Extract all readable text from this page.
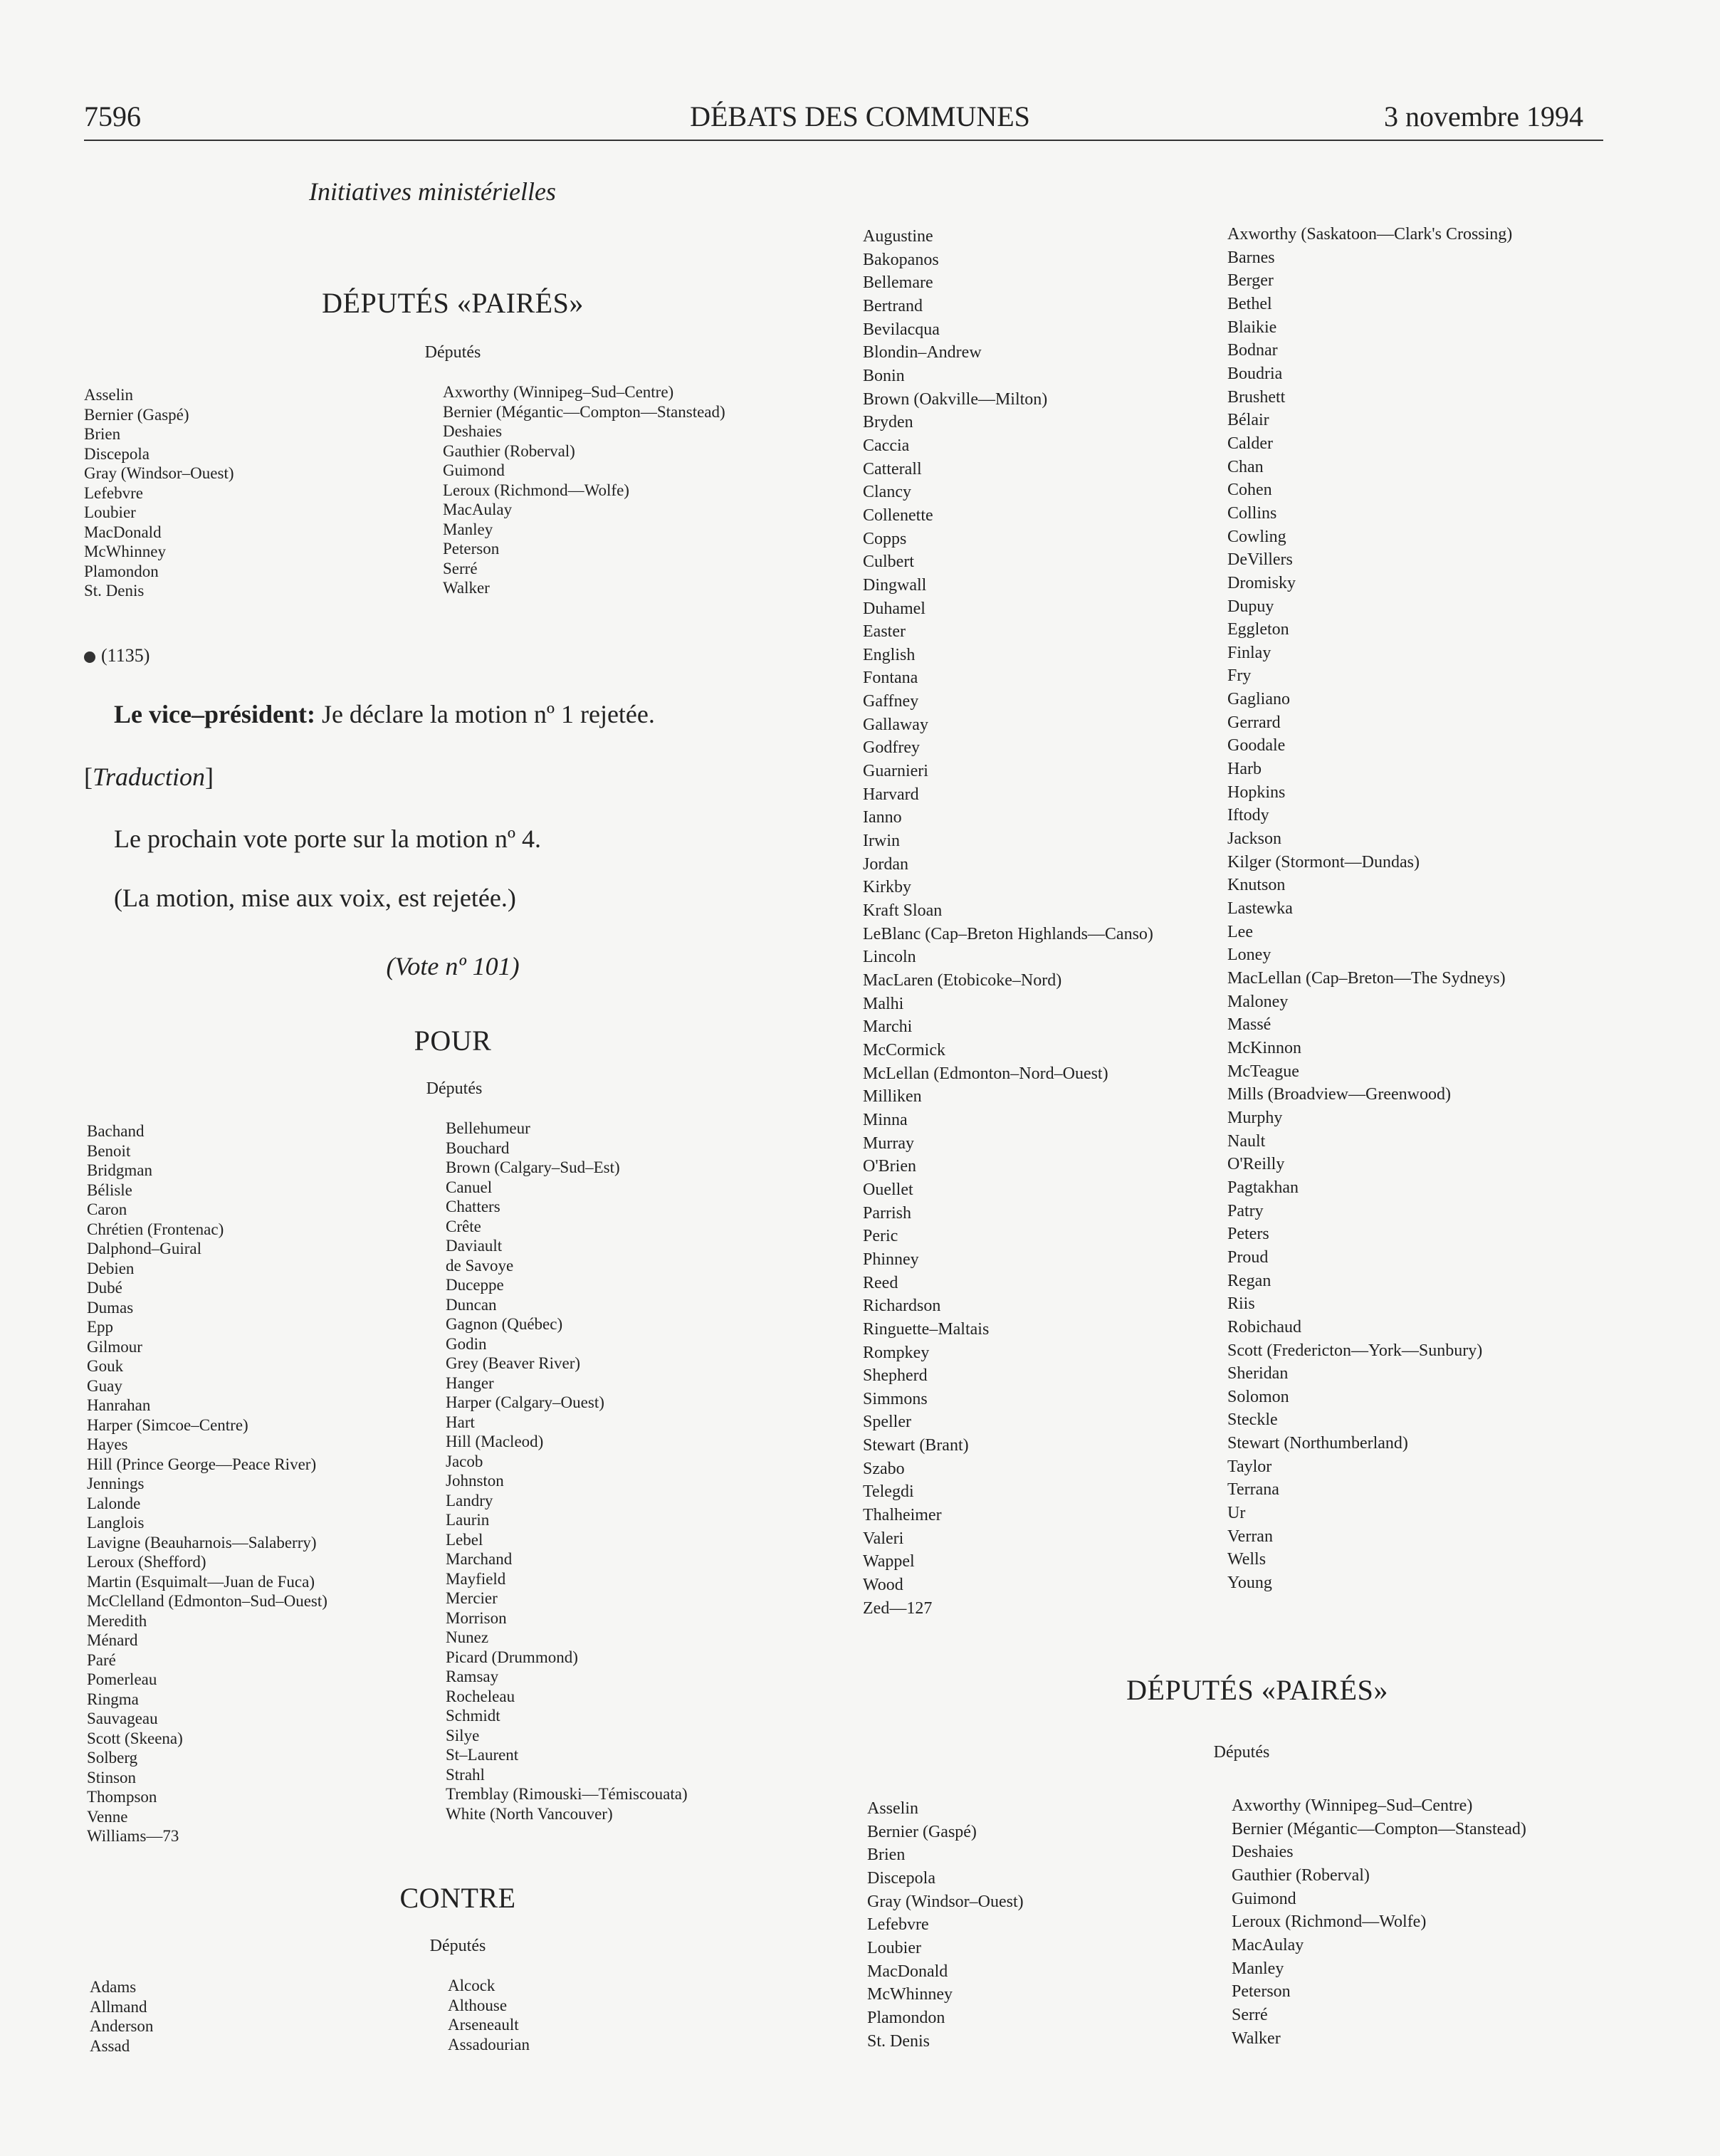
7596	DÉBATS DES COMMUNES	3 novembre 1994
Initiatives ministérielles
DÉPUTÉS «PAIRÉS»
Députés
Asselin
Bernier (Gaspé)
Brien
Discepola
Gray (Windsor–Ouest)
Lefebvre
Loubier
MacDonald
McWhinney
Plamondon
St. Denis
Axworthy (Winnipeg–Sud–Centre)
Bernier (Mégantic—Compton—Stanstead)
Deshaies
Gauthier (Roberval)
Guimond
Leroux (Richmond—Wolfe)
MacAulay
Manley
Peterson
Serré
Walker
(1135)
Le vice–président: Je déclare la motion nº 1 rejetée.
[Traduction]
Le prochain vote porte sur la motion nº 4.
(La motion, mise aux voix, est rejetée.)
(Vote nº 101)
POUR
Députés
Bachand
Benoit
Bridgman
Bélisle
Caron
Chrétien (Frontenac)
Dalphond–Guiral
Debien
Dubé
Dumas
Epp
Gilmour
Gouk
Guay
Hanrahan
Harper (Simcoe–Centre)
Hayes
Hill (Prince George—Peace River)
Jennings
Lalonde
Langlois
Lavigne (Beauharnois—Salaberry)
Leroux (Shefford)
Martin (Esquimalt—Juan de Fuca)
McClelland (Edmonton–Sud–Ouest)
Meredith
Ménard
Paré
Pomerleau
Ringma
Sauvageau
Scott (Skeena)
Solberg
Stinson
Thompson
Venne
Williams—73
Bellehumeur
Bouchard
Brown (Calgary–Sud–Est)
Canuel
Chatters
Crête
Daviault
de Savoye
Duceppe
Duncan
Gagnon (Québec)
Godin
Grey (Beaver River)
Hanger
Harper (Calgary–Ouest)
Hart
Hill (Macleod)
Jacob
Johnston
Landry
Laurin
Lebel
Marchand
Mayfield
Mercier
Morrison
Nunez
Picard (Drummond)
Ramsay
Rocheleau
Schmidt
Silye
St–Laurent
Strahl
Tremblay (Rimouski—Témiscouata)
White (North Vancouver)
CONTRE
Députés
Adams
Allmand
Anderson
Assad
Alcock
Althouse
Arseneault
Assadourian
Augustine
Bakopanos
Bellemare
Bertrand
Bevilacqua
Blondin–Andrew
Bonin
Brown (Oakville—Milton)
Bryden
Caccia
Catterall
Clancy
Collenette
Copps
Culbert
Dingwall
Duhamel
Easter
English
Fontana
Gaffney
Gallaway
Godfrey
Guarnieri
Harvard
Ianno
Irwin
Jordan
Kirkby
Kraft Sloan
LeBlanc (Cap–Breton Highlands—Canso)
Lincoln
MacLaren (Etobicoke–Nord)
Malhi
Marchi
McCormick
McLellan (Edmonton–Nord–Ouest)
Milliken
Minna
Murray
O'Brien
Ouellet
Parrish
Peric
Phinney
Reed
Richardson
Ringuette–Maltais
Rompkey
Shepherd
Simmons
Speller
Stewart (Brant)
Szabo
Telegdi
Thalheimer
Valeri
Wappel
Wood
Zed—127
Axworthy (Saskatoon—Clark's Crossing)
Barnes
Berger
Bethel
Blaikie
Bodnar
Boudria
Brushett
Bélair
Calder
Chan
Cohen
Collins
Cowling
DeVillers
Dromisky
Dupuy
Eggleton
Finlay
Fry
Gagliano
Gerrard
Goodale
Harb
Hopkins
Iftody
Jackson
Kilger (Stormont—Dundas)
Knutson
Lastewka
Lee
Loney
MacLellan (Cap–Breton—The Sydneys)
Maloney
Massé
McKinnon
McTeague
Mills (Broadview—Greenwood)
Murphy
Nault
O'Reilly
Pagtakhan
Patry
Peters
Proud
Regan
Riis
Robichaud
Scott (Fredericton—York—Sunbury)
Sheridan
Solomon
Steckle
Stewart (Northumberland)
Taylor
Terrana
Ur
Verran
Wells
Young
DÉPUTÉS «PAIRÉS»
Députés
Asselin
Bernier (Gaspé)
Brien
Discepola
Gray (Windsor–Ouest)
Lefebvre
Loubier
MacDonald
McWhinney
Plamondon
St. Denis
Axworthy (Winnipeg–Sud–Centre)
Bernier (Mégantic—Compton—Stanstead)
Deshaies
Gauthier (Roberval)
Guimond
Leroux (Richmond—Wolfe)
MacAulay
Manley
Peterson
Serré
Walker
